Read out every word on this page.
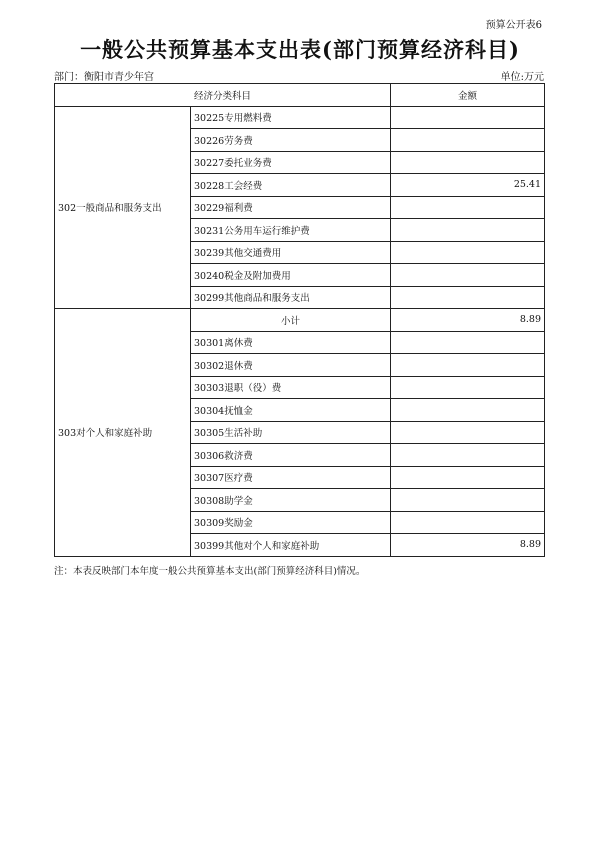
预算公开表6
一般公共预算基本支出表(部门预算经济科目)
部门：衡阳市青少年宫	单位:万元
经济分类科目		金额
302一般商品和服务支出	30225专用燃料费	
	30226劳务费	
	30227委托业务费	
	30228工会经费	25.41
	30229福利费	
	30231公务用车运行维护费	
	30239其他交通费用	
	30240税金及附加费用	
	30299其他商品和服务支出	
303对个人和家庭补助	小计	8.89
	30301离休费	
	30302退休费	
	30303退职（役）费	
	30304抚恤金	
	30305生活补助	
	30306救济费	
	30307医疗费	
	30308助学金	
	30309奖励金	
	30399其他对个人和家庭补助	8.89
注：本表反映部门本年度一般公共预算基本支出(部门预算经济科目)情况。
